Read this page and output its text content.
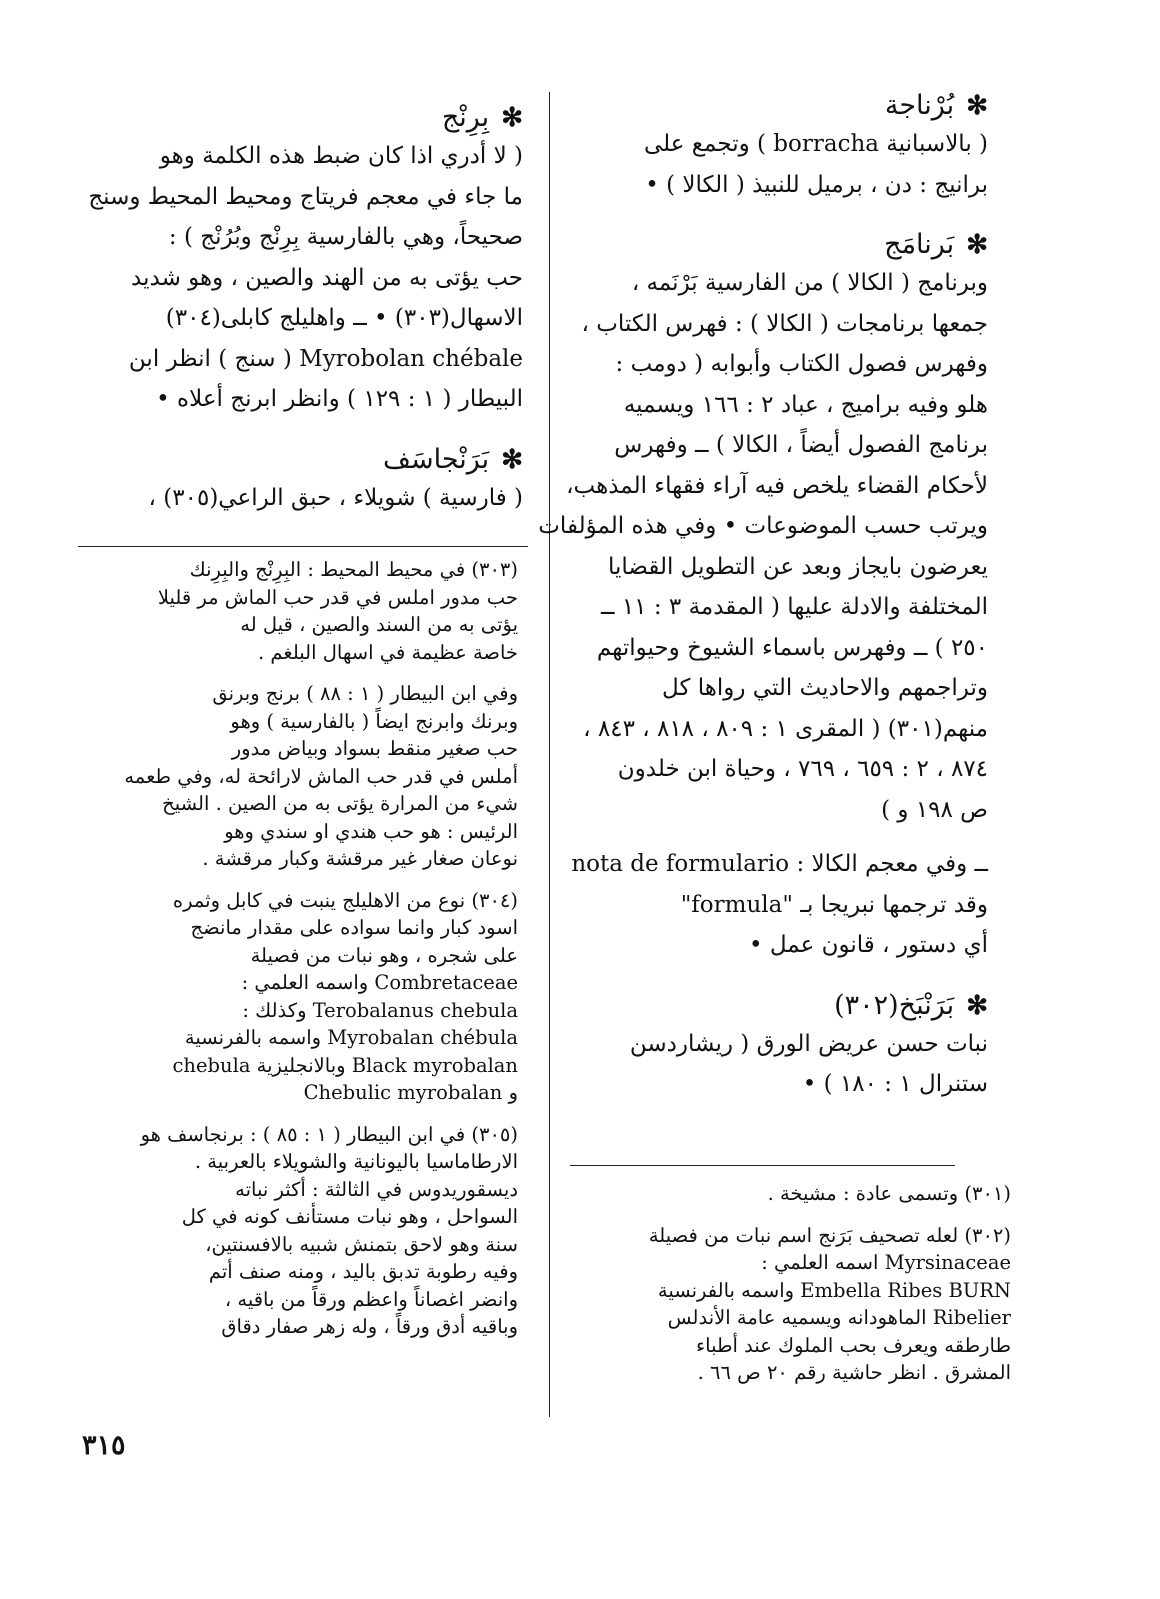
✻
بُرْناجة
( بالاسبانية borracha ) وتجمع على
برانيج : دن ، برميل للنبيذ ( الكالا ) •
✻
بَرنامَج
وبرنامج ( الكالا ) من الفارسية بَرْنَمه ،
جمعها برنامجات ( الكالا ) : فهرس الكتاب ،
وفهرس فصول الكتاب وأبوابه ( دومب :
هلو وفيه براميج ، عباد ٢ : ١٦٦ ويسميه
برنامج الفصول أيضاً ، الكالا ) ــ وفهرس
لأحكام القضاء يلخص فيه آراء فقهاء المذهب،
ويرتب حسب الموضوعات • وفي هذه المؤلفات
يعرضون بايجاز وبعد عن التطويل القضايا
المختلفة والادلة عليها ( المقدمة ٣ : ١١ ــ
٢٥٠ ) ــ وفهرس باسماء الشيوخ وحيواتهم
وتراجمهم والاحاديث التي رواها كل
منهم(٣٠١) ( المقرى ١ : ٨٠٩ ، ٨١٨ ، ٨٤٣ ،
٨٧٤ ، ٢ : ٦٥٩ ، ٧٦٩ ، وحياة ابن خلدون
ص ١٩٨ و )
ــ وفي معجم الكالا : nota de formulario
وقد ترجمها نبريجا بـ "formula"
أي دستور ، قانون عمل •
✻
بَرَنْبَخ(٣٠٢)
نبات حسن عريض الورق ( ريشاردسن
ستنرال ١ : ١٨٠ ) •
(٣٠١) وتسمى عادة : مشيخة .
(٣٠٢) لعله تصحيف بَرَنج اسم نبات من فصيلة
Myrsinaceae اسمه العلمي :
Embella Ribes BURN واسمه بالفرنسية
Ribelier الماهودانه ويسميه عامة الأندلس
طارطقه ويعرف بحب الملوك عند أطباء
المشرق . انظر حاشية رقم ٢٠ ص ٦٦ .
✻
بِرِنْج
( لا أدري اذا كان ضبط هذه الكلمة وهو
ما جاء في معجم فريتاج ومحيط المحيط وسنج
صحيحاً، وهي بالفارسية بِرِنْج وبُرُنْج ) :
حب يؤتى به من الهند والصين ، وهو شديد
الاسهال(٣٠٣) • ــ واهليلج كابلى(٣٠٤)
Myrobolan chébale ( سنج ) انظر ابن
البيطار ( ١ : ١٢٩ ) وانظر ابرنج أعلاه •
✻
بَرَنْجاسَف
( فارسية ) شويلاء ، حبق الراعي(٣٠٥) ،
(٣٠٣) في محيط المحيط : البِرِنْج والبِرِنك
حب مدور املس في قدر حب الماش مر قليلا
يؤتى به من السند والصين ، قيل له
خاصة عظيمة في اسهال البلغم .
وفي ابن البيطار ( ١ : ٨٨ ) برنج وبرنق
وبرنك وابرنج ايضاً ( بالفارسية ) وهو
حب صغير منقط بسواد وبياض مدور
أملس في قدر حب الماش لارائحة له، وفي طعمه
شيء من المرارة يؤتى به من الصين . الشيخ
الرئيس : هو حب هندي او سندي وهو
نوعان صغار غير مرقشة وكبار مرقشة .
(٣٠٤) نوع من الاهليلج ينبت في كابل وثمره
اسود كبار وانما سواده على مقدار مانضج
على شجره ، وهو نبات من فصيلة
Combretaceae واسمه العلمي :
Terobalanus chebula وكذلك :
Myrobalan chébula واسمه بالفرنسية
Black myrobalan وبالانجليزية chebula
و Chebulic myrobalan
(٣٠٥) في ابن البيطار ( ١ : ٨٥ ) : برنجاسف هو
الارطاماسيا باليونانية والشويلاء بالعربية .
ديسقوريدوس في الثالثة : أكثر نباته
السواحل ، وهو نبات مستأنف كونه في كل
سنة وهو لاحق بتمنش شبيه بالافسنتين،
وفيه رطوبة تدبق باليد ، ومنه صنف أتم
وانضر اغصاناً واعظم ورقاً من باقيه ،
وباقيه أدق ورقاً ، وله زهر صفار دقاق
٣١٥
